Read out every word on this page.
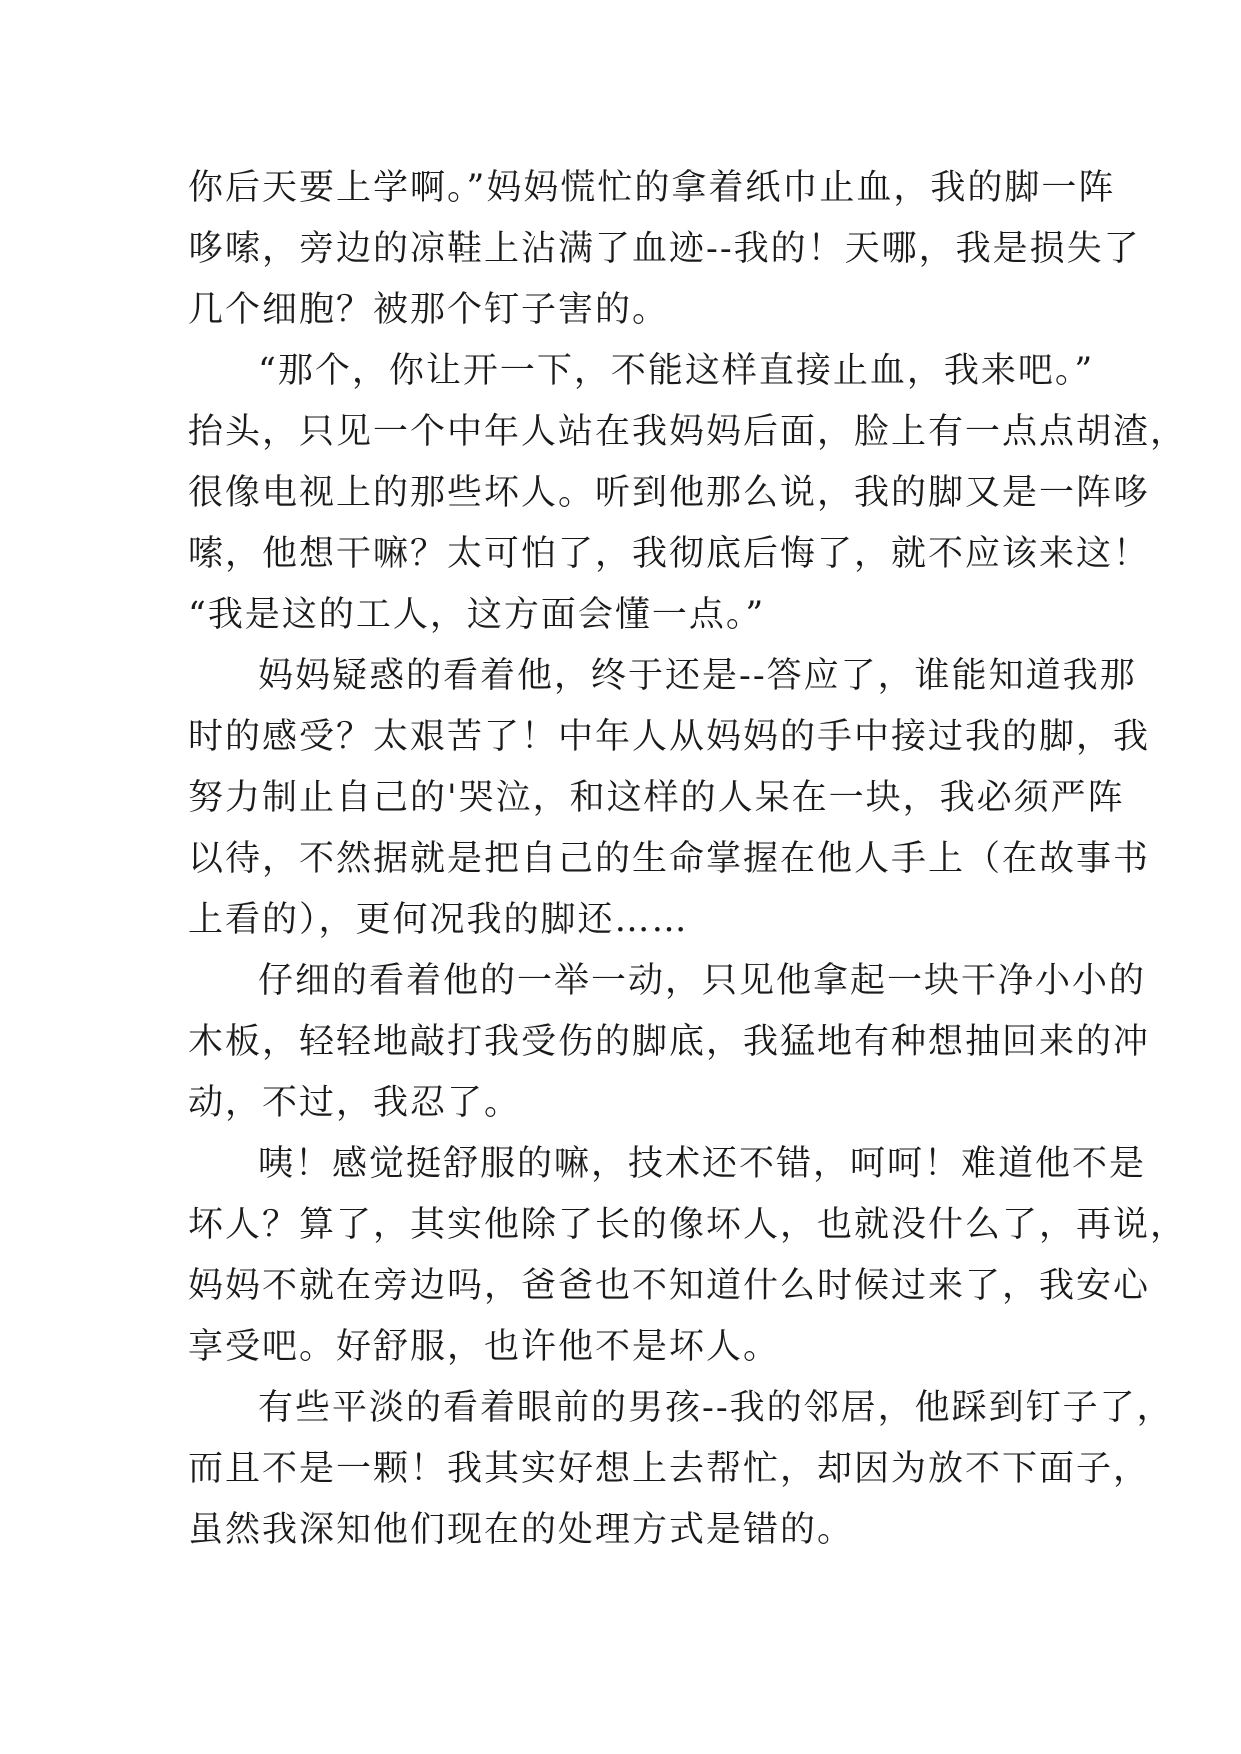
你后天要上学啊。”妈妈慌忙的拿着纸巾止血，我的脚一阵
哆嗦，旁边的凉鞋上沾满了血迹--我的！天哪，我是损失了
几个细胞？被那个钉子害的。
“那个，你让开一下，不能这样直接止血，我来吧。”
抬头，只见一个中年人站在我妈妈后面，脸上有一点点胡渣，
很像电视上的那些坏人。听到他那么说，我的脚又是一阵哆
嗦，他想干嘛？太可怕了，我彻底后悔了，就不应该来这！
“我是这的工人，这方面会懂一点。”
妈妈疑惑的看着他，终于还是--答应了，谁能知道我那
时的感受？太艰苦了！中年人从妈妈的手中接过我的脚，我
努力制止自己的'哭泣，和这样的人呆在一块，我必须严阵
以待，不然据就是把自己的生命掌握在他人手上（在故事书
上看的），更何况我的脚还……
仔细的看着他的一举一动，只见他拿起一块干净小小的
木板，轻轻地敲打我受伤的脚底，我猛地有种想抽回来的冲
动，不过，我忍了。
咦！感觉挺舒服的嘛，技术还不错，呵呵！难道他不是
坏人？算了，其实他除了长的像坏人，也就没什么了，再说，
妈妈不就在旁边吗，爸爸也不知道什么时候过来了，我安心
享受吧。好舒服，也许他不是坏人。
有些平淡的看着眼前的男孩--我的邻居，他踩到钉子了，
而且不是一颗！我其实好想上去帮忙，却因为放不下面子，
虽然我深知他们现在的处理方式是错的。
